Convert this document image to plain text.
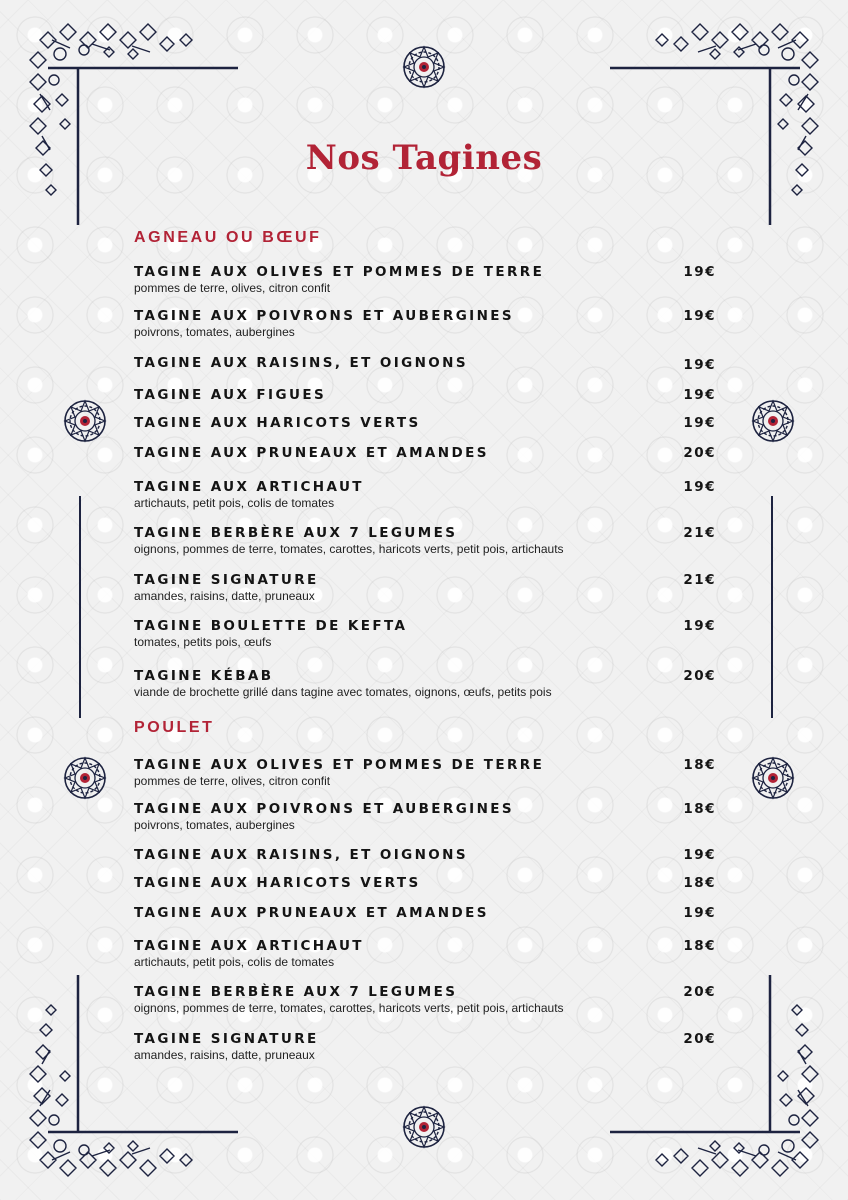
Nos Tagines
AGNEAU OU BŒUF
TAGINE AUX OLIVES ET POMMES DE TERRE
pommes de terre, olives, citron confit
19€
TAGINE AUX POIVRONS ET AUBERGINES
poivrons, tomates, aubergines
19€
TAGINE AUX RAISINS, ET OIGNONS	19€
TAGINE AUX FIGUES	19€
TAGINE AUX HARICOTS VERTS	19€
TAGINE AUX PRUNEAUX ET AMANDES	20€
TAGINE AUX ARTICHAUT
artichauts, petit pois, colis de tomates
19€
TAGINE BERBÈRE AUX 7 LEGUMES
oignons, pommes de terre, tomates, carottes, haricots verts, petit pois, artichauts
21€
TAGINE SIGNATURE
amandes, raisins, datte, pruneaux
21€
TAGINE BOULETTE DE KEFTA
tomates, petits pois, œufs
19€
TAGINE KÉBAB
viande de brochette grillé dans tagine avec tomates, oignons, œufs, petits pois
20€
POULET
TAGINE AUX OLIVES ET POMMES DE TERRE
pommes de terre, olives, citron confit
18€
TAGINE AUX POIVRONS ET AUBERGINES
poivrons, tomates, aubergines
18€
TAGINE AUX RAISINS, ET OIGNONS	19€
TAGINE AUX HARICOTS VERTS	18€
TAGINE AUX PRUNEAUX ET AMANDES	19€
TAGINE AUX ARTICHAUT
artichauts, petit pois, colis de tomates
18€
TAGINE BERBÈRE AUX 7 LEGUMES
oignons, pommes de terre, tomates, carottes, haricots verts, petit pois, artichauts
20€
TAGINE SIGNATURE
amandes, raisins, datte, pruneaux
20€
